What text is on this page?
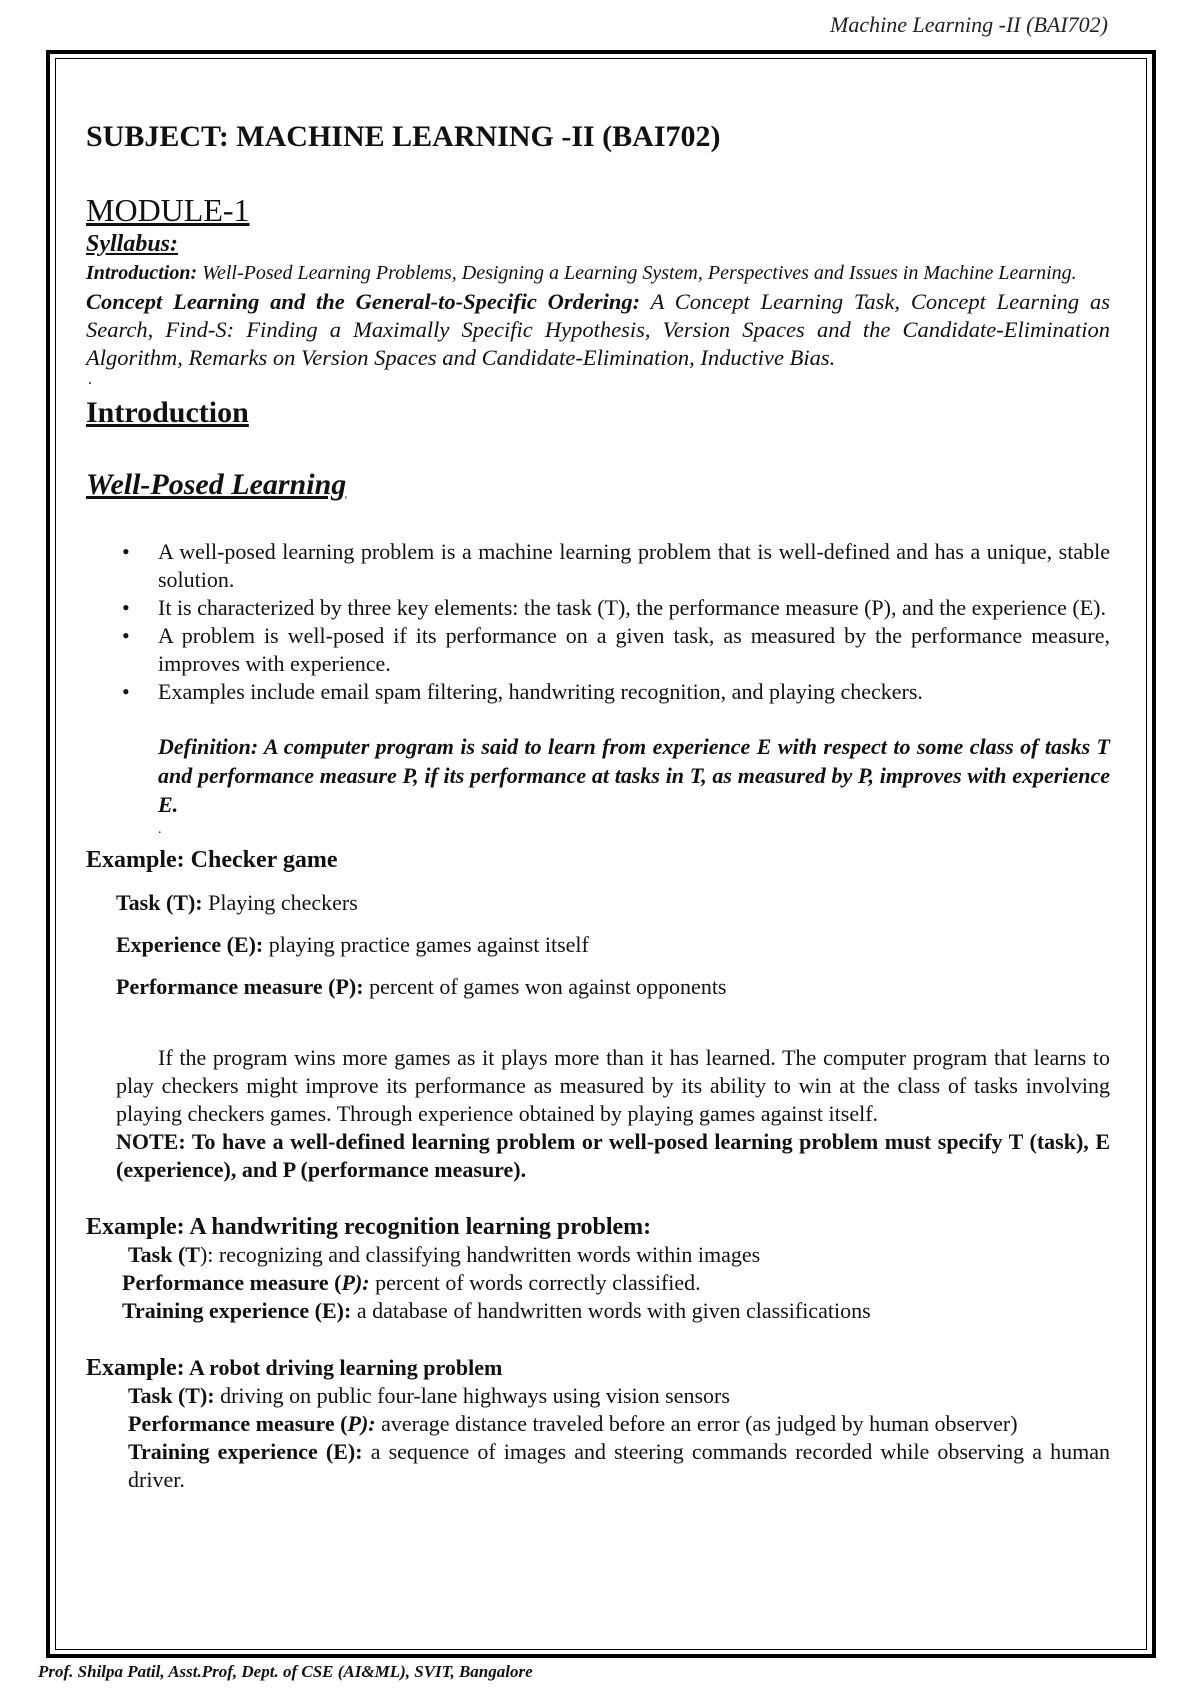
Machine Learning -II (BAI702)
SUBJECT: MACHINE LEARNING -II (BAI702)
MODULE-1
Syllabus:

Introduction: Well-Posed Learning Problems, Designing a Learning System, Perspectives and Issues in Machine Learning.

Concept Learning and the General-to-Specific Ordering: A Concept Learning Task, Concept Learning as Search, Find-S: Finding a Maximally Specific Hypothesis, Version Spaces and the Candidate-Elimination Algorithm, Remarks on Version Spaces and Candidate-Elimination, Inductive Bias.

.
Introduction
Well-Posed Learning
• A well-posed learning problem is a machine learning problem that is well-defined and has a unique, stable solution.
• It is characterized by three key elements: the task (T), the performance measure (P), and the experience (E).
• A problem is well-posed if its performance on a given task, as measured by the performance measure, improves with experience.
• Examples include email spam filtering, handwriting recognition, and playing checkers.
Definition: A computer program is said to learn from experience E with respect to some class of tasks T and performance measure P, if its performance at tasks in T, as measured by P, improves with experience E.
.
Example: Checker game
Task (T): Playing checkers
Experience (E): playing practice games against itself
Performance measure (P): percent of games won against opponents
If the program wins more games as it plays more than it has learned. The computer program that learns to play checkers might improve its performance as measured by its ability to win at the class of tasks involving playing checkers games. Through experience obtained by playing games against itself.
NOTE: To have a well-defined learning problem or well-posed learning problem must specify T (task), E (experience), and P (performance measure).
Example: A handwriting recognition learning problem:
Task (T): recognizing and classifying handwritten words within images
Performance measure (P): percent of words correctly classified.
Training experience (E): a database of handwritten words with given classifications
Example: A robot driving learning problem
Task (T): driving on public four-lane highways using vision sensors
Performance measure (P): average distance traveled before an error (as judged by human observer)
Training experience (E): a sequence of images and steering commands recorded while observing a human driver.
Prof. Shilpa Patil, Asst.Prof, Dept. of CSE (AI&ML), SVIT, Bangalore
